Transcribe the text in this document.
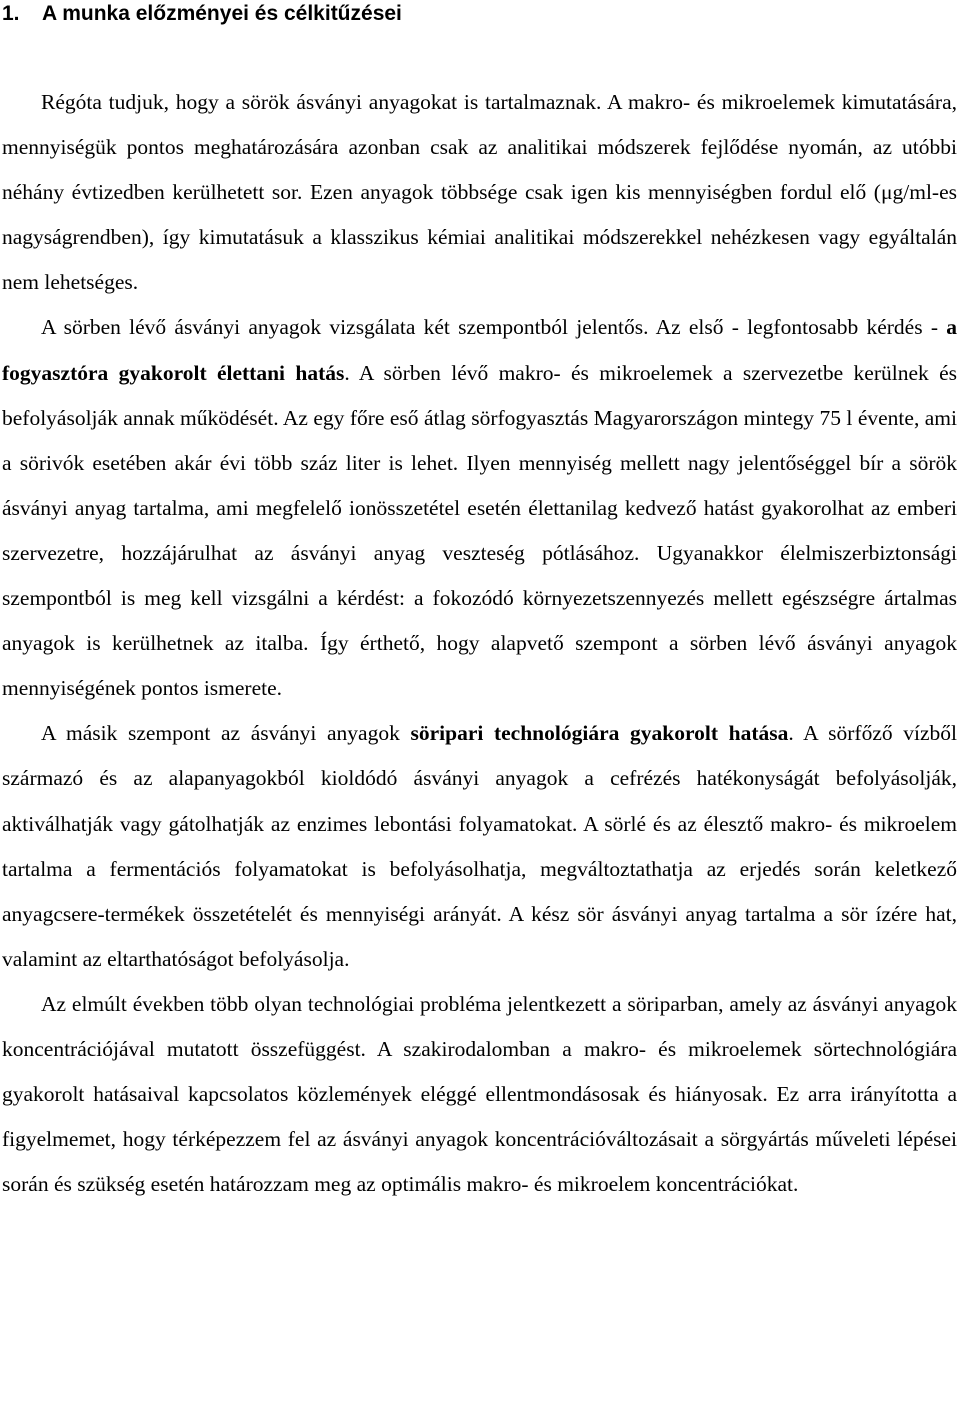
1. A munka előzményei és célkitűzései

Régóta tudjuk, hogy a sörök ásványi anyagokat is tartalmaznak. A makro- és mikroelemek kimutatására, mennyiségük pontos meghatározására azonban csak az analitikai módszerek fejlődése nyomán, az utóbbi néhány évtizedben kerülhetett sor. Ezen anyagok többsége csak igen kis mennyiségben fordul elő (μg/ml-es nagyságrendben), így kimutatásuk a klasszikus kémiai analitikai módszerekkel nehézkesen vagy egyáltalán nem lehetséges.

A sörben lévő ásványi anyagok vizsgálata két szempontból jelentős. Az első - legfontosabb kérdés - a fogyasztóra gyakorolt élettani hatás. A sörben lévő makro- és mikroelemek a szervezetbe kerülnek és befolyásolják annak működését. Az egy főre eső átlag sörfogyasztás Magyarországon mintegy 75 l évente, ami a sörivók esetében akár évi több száz liter is lehet. Ilyen mennyiség mellett nagy jelentőséggel bír a sörök ásványi anyag tartalma, ami megfelelő ionösszetétel esetén élettanilag kedvező hatást gyakorolhat az emberi szervezetre, hozzájárulhat az ásványi anyag veszteség pótlásához. Ugyanakkor élelmiszerbiztonsági szempontból is meg kell vizsgálni a kérdést: a fokozódó környezetszennyezés mellett egészségre ártalmas anyagok is kerülhetnek az italba. Így érthető, hogy alapvető szempont a sörben lévő ásványi anyagok mennyiségének pontos ismerete.

A másik szempont az ásványi anyagok söripari technológiára gyakorolt hatása. A sörfőző vízből származó és az alapanyagokból kioldódó ásványi anyagok a cefrézés hatékonyságát befolyásolják, aktiválhatják vagy gátolhatják az enzimes lebontási folyamatokat. A sörlé és az élesztő makro- és mikroelem tartalma a fermentációs folyamatokat is befolyásolhatja, megváltoztathatja az erjedés során keletkező anyagcsere-termékek összetételét és mennyiségi arányát. A kész sör ásványi anyag tartalma a sör ízére hat, valamint az eltarthatóságot befolyásolja.

Az elmúlt években több olyan technológiai probléma jelentkezett a söriparban, amely az ásványi anyagok koncentrációjával mutatott összefüggést. A szakirodalomban a makro- és mikroelemek sörtechnológiára gyakorolt hatásaival kapcsolatos közlemények eléggé ellentmondásosak és hiányosak. Ez arra irányította a figyelmemet, hogy térképezzem fel az ásványi anyagok koncentrációváltozásait a sörgyártás műveleti lépései során és szükség esetén határozzam meg az optimális makro- és mikroelem koncentrációkat.
